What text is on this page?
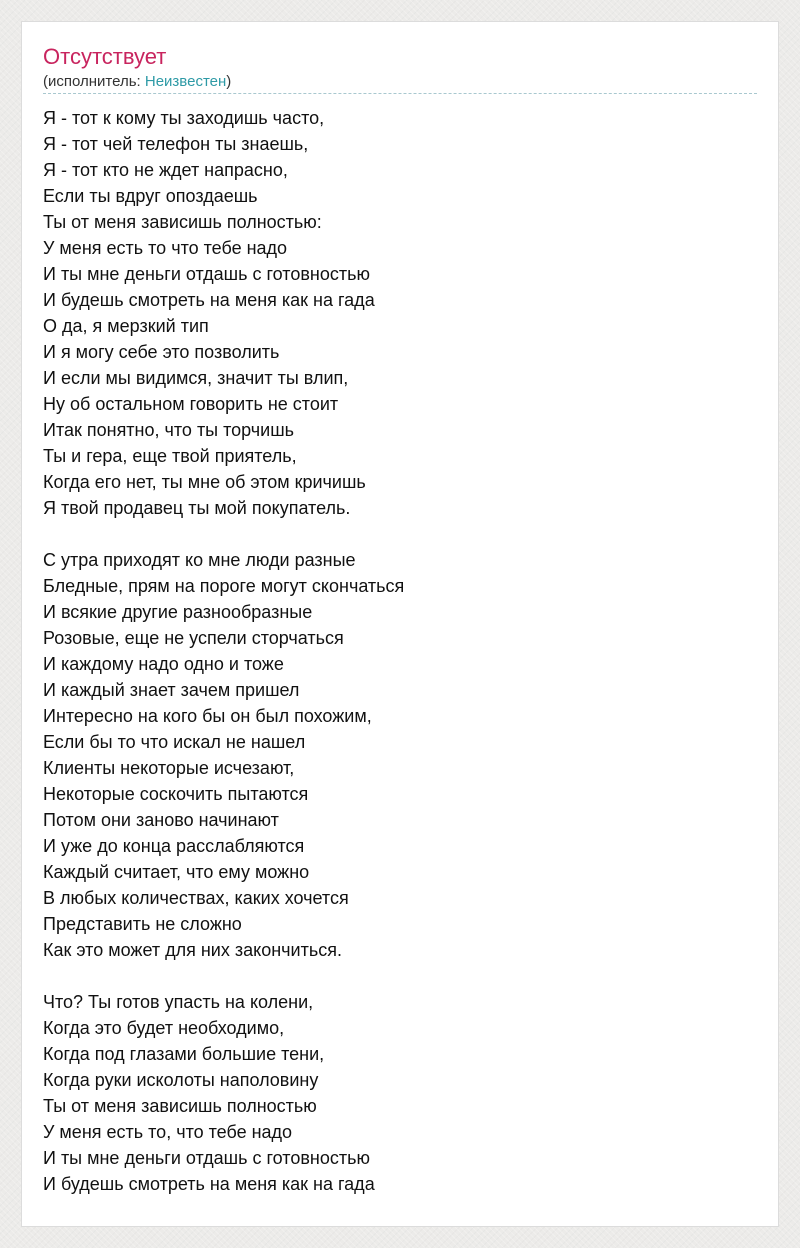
Отсутствует
(исполнитель: Неизвестен)
Я - тот к кому ты заходишь часто,
Я - тот чей телефон ты знаешь,
Я - тот кто не ждет напрасно,
Если ты вдруг опоздаешь
Ты от меня зависишь полностью:
У меня есть то что тебе надо
И ты мне деньги отдашь с готовностью
И будешь смотреть на меня как на гада
О да, я мерзкий тип
И я могу себе это позволить
И если мы видимся, значит ты влип,
Ну об остальном говорить не стоит
Итак понятно, что ты торчишь
Ты и гера, еще твой приятель,
Когда его нет, ты мне об этом кричишь
Я твой продавец ты мой покупатель.
С утра приходят ко мне люди разные
Бледные, прям на пороге могут скончаться
И всякие другие разнообразные
Розовые, еще не успели сторчаться
И каждому надо одно и тоже
И каждый знает зачем пришел
Интересно на кого бы он был похожим,
Если бы то что искал не нашел
Клиенты некоторые исчезают,
Некоторые соскочить пытаются
Потом они заново начинают
И уже до конца расслабляются
Каждый считает, что ему можно
В любых количествах, каких хочется
Представить не сложно
Как это может для них закончиться.
Что? Ты готов упасть на колени,
Когда это будет необходимо,
Когда под глазами большие тени,
Когда руки исколоты наполовину
Ты от меня зависишь полностью
У меня есть то, что тебе надо
И ты мне деньги отдашь с готовностью
И будешь смотреть на меня как на гада
